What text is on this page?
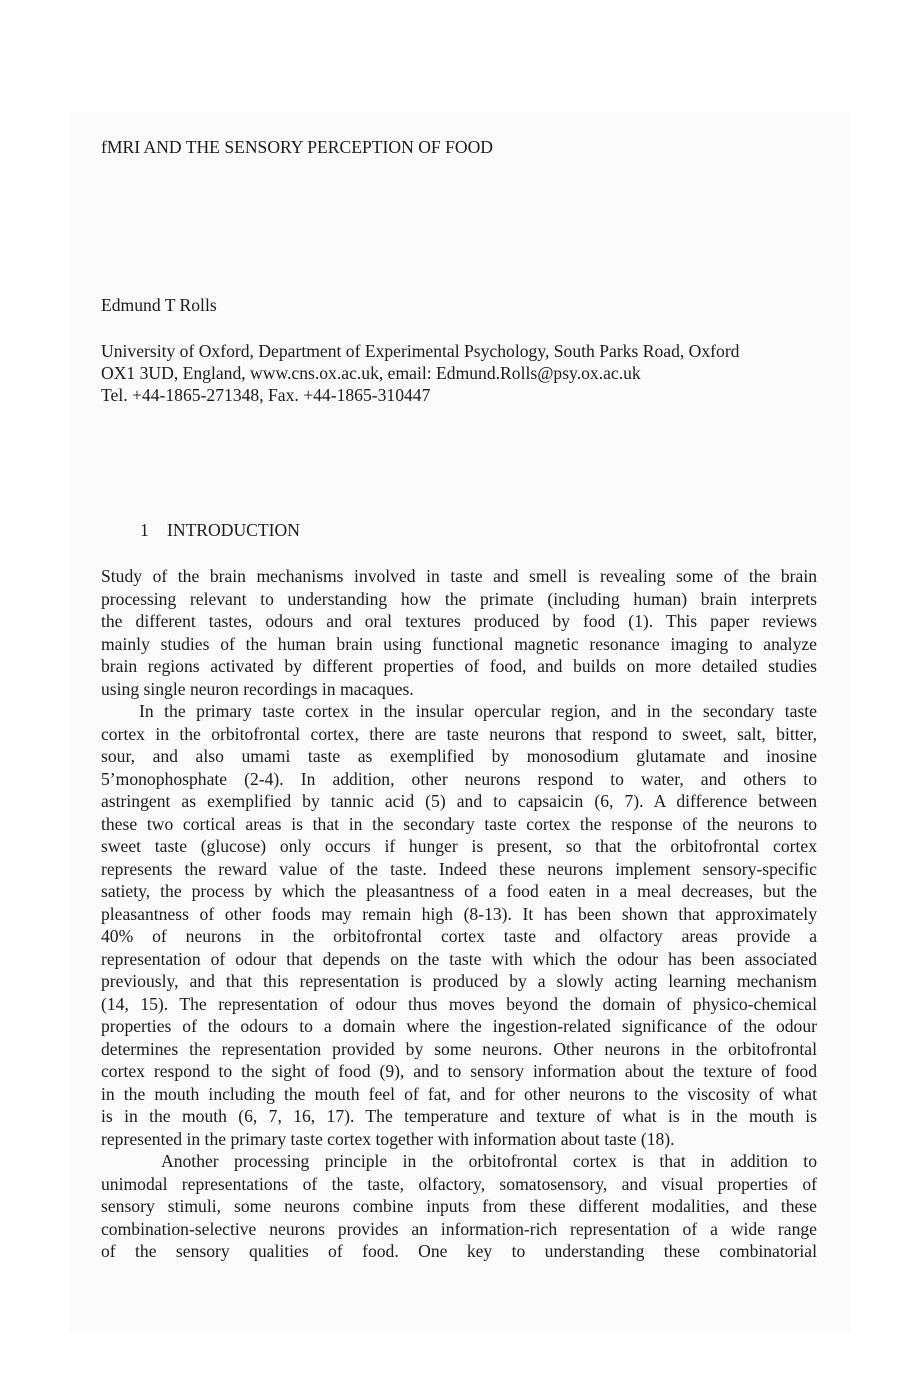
fMRI AND THE SENSORY PERCEPTION OF FOOD
Edmund T Rolls
University of Oxford, Department of Experimental Psychology, South Parks Road, Oxford
OX1 3UD, England, www.cns.ox.ac.uk, email: Edmund.Rolls@psy.ox.ac.uk
Tel. +44-1865-271348, Fax. +44-1865-310447
1 INTRODUCTION
Study of the brain mechanisms involved in taste and smell is revealing some of the brain
processing relevant to understanding how the primate (including human) brain interprets
the different tastes, odours and oral textures produced by food (1). This paper reviews
mainly studies of the human brain using functional magnetic resonance imaging to analyze
brain regions activated by different properties of food, and builds on more detailed studies
using single neuron recordings in macaques.
In the primary taste cortex in the insular opercular region, and in the secondary taste
cortex in the orbitofrontal cortex, there are taste neurons that respond to sweet, salt, bitter,
sour, and also umami taste as exemplified by monosodium glutamate and inosine
5’monophosphate (2-4). In addition, other neurons respond to water, and others to
astringent as exemplified by tannic acid (5) and to capsaicin (6, 7). A difference between
these two cortical areas is that in the secondary taste cortex the response of the neurons to
sweet taste (glucose) only occurs if hunger is present, so that the orbitofrontal cortex
represents the reward value of the taste. Indeed these neurons implement sensory-specific
satiety, the process by which the pleasantness of a food eaten in a meal decreases, but the
pleasantness of other foods may remain high (8-13). It has been shown that approximately
40% of neurons in the orbitofrontal cortex taste and olfactory areas provide a
representation of odour that depends on the taste with which the odour has been associated
previously, and that this representation is produced by a slowly acting learning mechanism
(14, 15). The representation of odour thus moves beyond the domain of physico-chemical
properties of the odours to a domain where the ingestion-related significance of the odour
determines the representation provided by some neurons. Other neurons in the orbitofrontal
cortex respond to the sight of food (9), and to sensory information about the texture of food
in the mouth including the mouth feel of fat, and for other neurons to the viscosity of what
is in the mouth (6, 7, 16, 17). The temperature and texture of what is in the mouth is
represented in the primary taste cortex together with information about taste (18).
Another processing principle in the orbitofrontal cortex is that in addition to
unimodal representations of the taste, olfactory, somatosensory, and visual properties of
sensory stimuli, some neurons combine inputs from these different modalities, and these
combination-selective neurons provides an information-rich representation of a wide range
of the sensory qualities of food. One key to understanding these combinatorial
